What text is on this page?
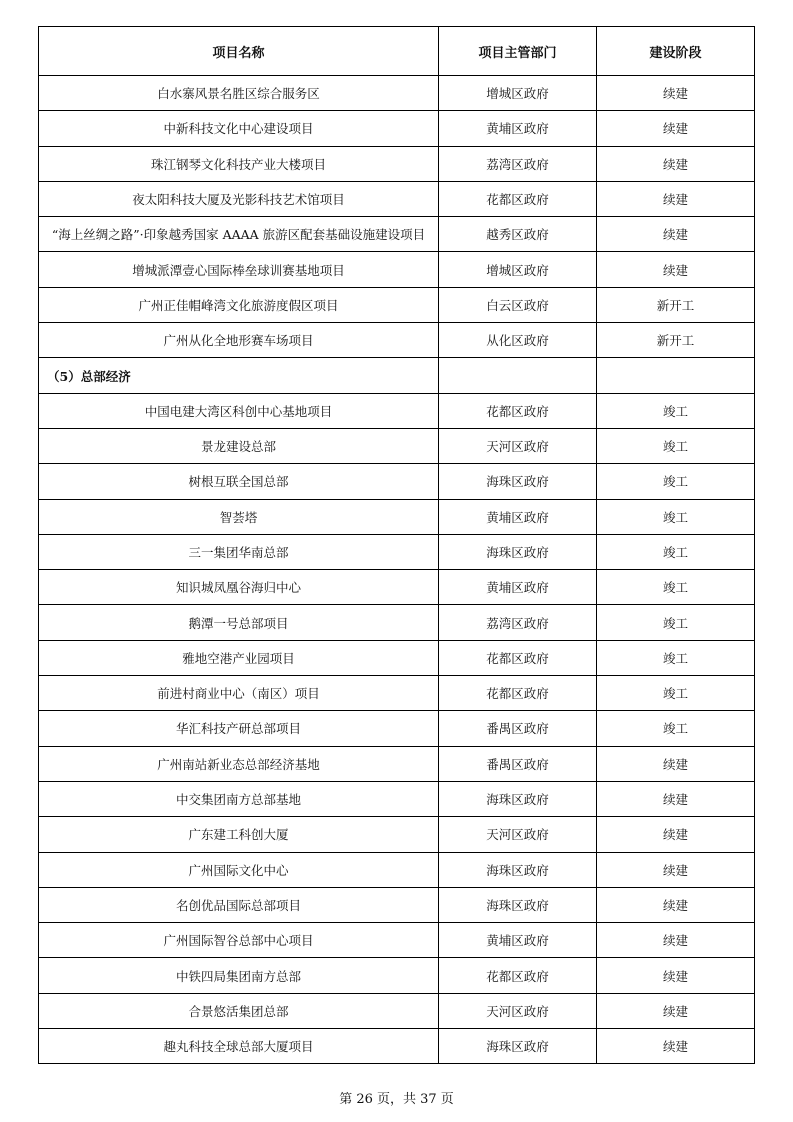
项目名称	项目主管部门	建设阶段
白水寨风景名胜区综合服务区	增城区政府	续建
中新科技文化中心建设项目	黄埔区政府	续建
珠江钢琴文化科技产业大楼项目	荔湾区政府	续建
夜太阳科技大厦及光影科技艺术馆项目	花都区政府	续建
“海上丝绸之路”·印象越秀国家 AAAA 旅游区配套基础设施建设项目	越秀区政府	续建
增城派潭壹心国际棒垒球训赛基地项目	增城区政府	续建
广州正佳帽峰湾文化旅游度假区项目	白云区政府	新开工
广州从化全地形赛车场项目	从化区政府	新开工
（5）总部经济		
中国电建大湾区科创中心基地项目	花都区政府	竣工
景龙建设总部	天河区政府	竣工
树根互联全国总部	海珠区政府	竣工
智荟塔	黄埔区政府	竣工
三一集团华南总部	海珠区政府	竣工
知识城凤凰谷海归中心	黄埔区政府	竣工
鹅潭一号总部项目	荔湾区政府	竣工
雅地空港产业园项目	花都区政府	竣工
前进村商业中心（南区）项目	花都区政府	竣工
华汇科技产研总部项目	番禺区政府	竣工
广州南站新业态总部经济基地	番禺区政府	续建
中交集团南方总部基地	海珠区政府	续建
广东建工科创大厦	天河区政府	续建
广州国际文化中心	海珠区政府	续建
名创优品国际总部项目	海珠区政府	续建
广州国际智谷总部中心项目	黄埔区政府	续建
中铁四局集团南方总部	花都区政府	续建
合景悠活集团总部	天河区政府	续建
趣丸科技全球总部大厦项目	海珠区政府	续建
第 26 页，共 37 页
